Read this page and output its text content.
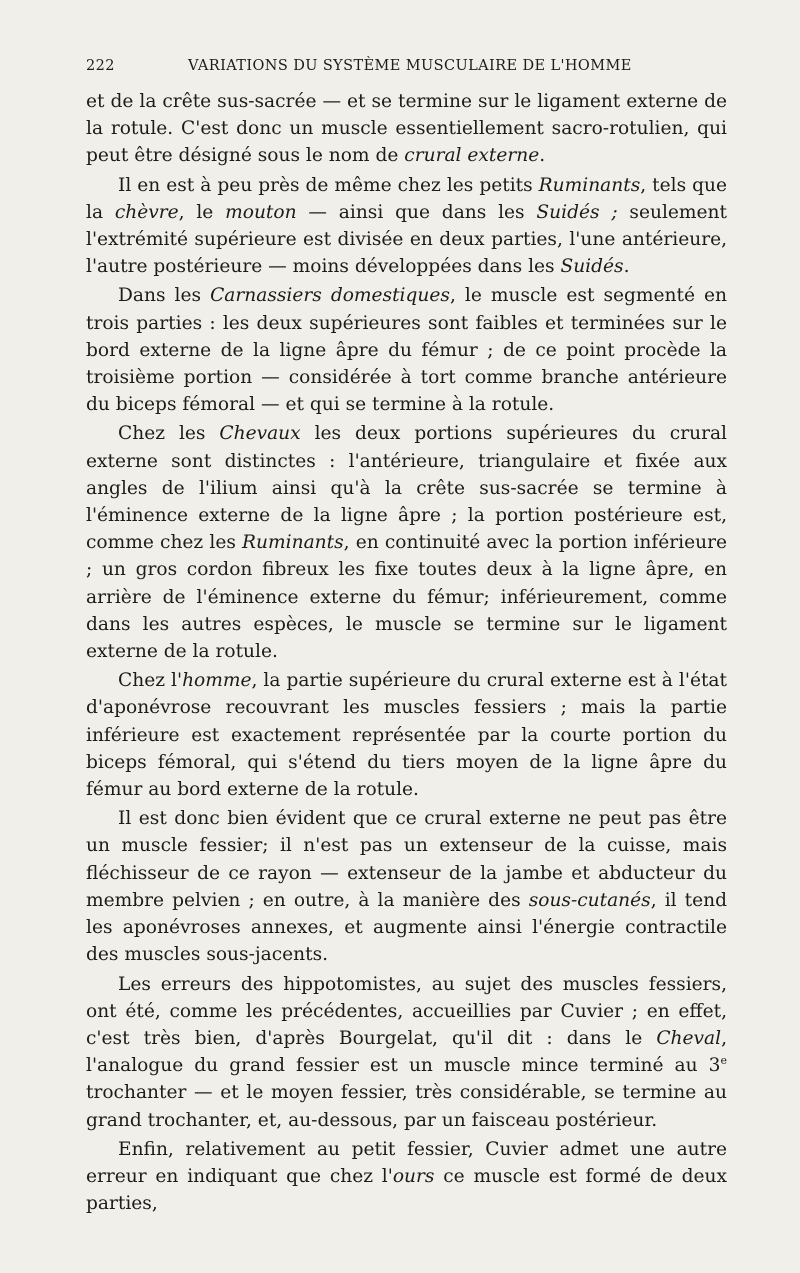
222	VARIATIONS DU SYSTÈME MUSCULAIRE DE L'HOMME

et de la crête sus-sacrée — et se termine sur le ligament externe de la rotule. C'est donc un muscle essentiellement sacro-rotulien, qui peut être désigné sous le nom de crural externe.

Il en est à peu près de même chez les petits Ruminants, tels que la chèvre, le mouton — ainsi que dans les Suidés ; seulement l'extrémité supérieure est divisée en deux parties, l'une antérieure, l'autre postérieure — moins développées dans les Suidés.

Dans les Carnassiers domestiques, le muscle est segmenté en trois parties : les deux supérieures sont faibles et terminées sur le bord externe de la ligne âpre du fémur ; de ce point procède la troisième portion — considérée à tort comme branche antérieure du biceps fémoral — et qui se termine à la rotule.

Chez les Chevaux les deux portions supérieures du crural externe sont distinctes : l'antérieure, triangulaire et fixée aux angles de l'ilium ainsi qu'à la crête sus-sacrée se termine à l'éminence externe de la ligne âpre ; la portion postérieure est, comme chez les Ruminants, en continuité avec la portion inférieure ; un gros cordon fibreux les fixe toutes deux à la ligne âpre, en arrière de l'éminence externe du fémur; inférieurement, comme dans les autres espèces, le muscle se termine sur le ligament externe de la rotule.

Chez l'homme, la partie supérieure du crural externe est à l'état d'aponévrose recouvrant les muscles fessiers ; mais la partie inférieure est exactement représentée par la courte portion du biceps fémoral, qui s'étend du tiers moyen de la ligne âpre du fémur au bord externe de la rotule.

Il est donc bien évident que ce crural externe ne peut pas être un muscle fessier; il n'est pas un extenseur de la cuisse, mais fléchisseur de ce rayon — extenseur de la jambe et abducteur du membre pelvien ; en outre, à la manière des sous-cutanés, il tend les aponévroses annexes, et augmente ainsi l'énergie contractile des muscles sous-jacents.

Les erreurs des hippotomistes, au sujet des muscles fessiers, ont été, comme les précédentes, accueillies par Cuvier ; en effet, c'est très bien, d'après Bourgelat, qu'il dit : dans le Cheval, l'analogue du grand fessier est un muscle mince terminé au 3e trochanter — et le moyen fessier, très considérable, se termine au grand trochanter, et, au-dessous, par un faisceau postérieur.

Enfin, relativement au petit fessier, Cuvier admet une autre erreur en indiquant que chez l'ours ce muscle est formé de deux parties,
